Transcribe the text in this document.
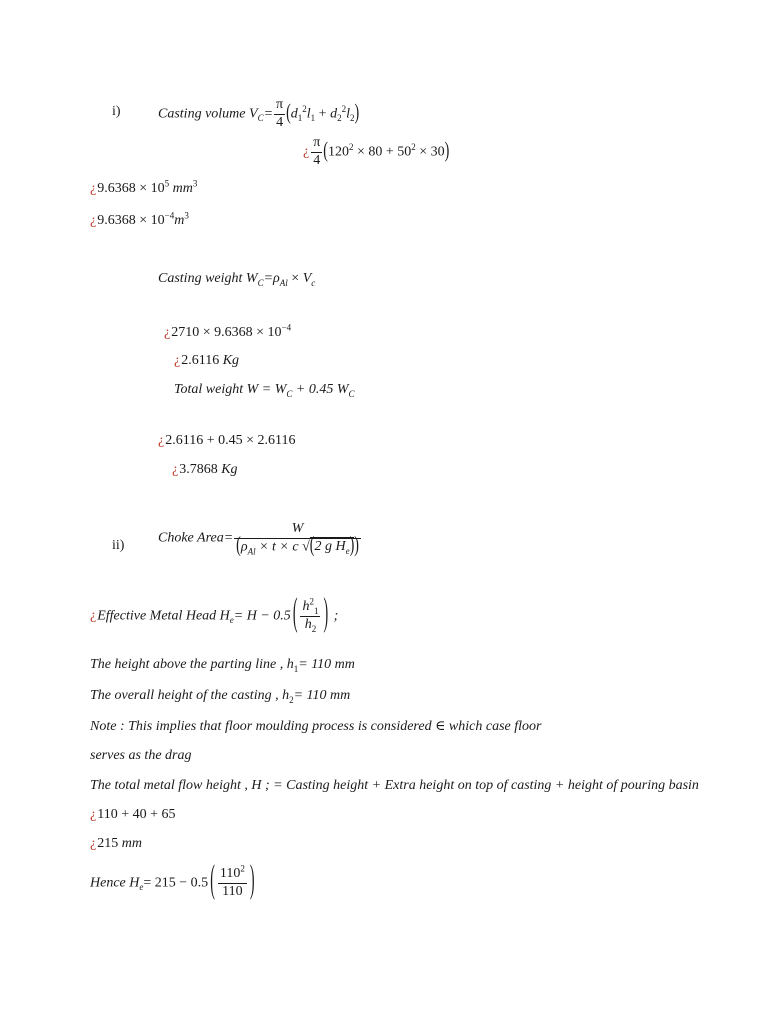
i)	Casting volume $V_C= \frac{\pi}{4} (d_1^2l_1 + d_2^2l_2)$
¿ $\frac{\pi}{4} (120^2 \times 80 + 50^2 \times 30)$
¿$9.6368 \times 10^5$ $mm^3$
¿$9.6368 \times 10^{-4}m^3$
Casting weight $W_C=\rho_{Al} \times V_c$
¿$2710 \times 9.6368 \times 10^{-4}$
¿2.6116 Kg
Total weight $W = W_C + 0.45$ $W_C$
¿2.6116 + 0.45 × 2.6116
¿3.7868 Kg
ii)
Choke Area= $\frac{W}{(\rho_{Al} \times t \times c √(2 g H_e))}$
¿Effective Metal Head $H_e= H - 0.5$ ( $\frac{h^2_1}{h_2}$ ) ;
The height above the parting line , $h_1= 110$ mm
The overall height of the casting , $h_2= 110$ mm
Note : This implies that floor moulding process is considered ∈ which case floor
serves as the drag
The total metal flow height , H ; = Casting height + Extra height on top of casting + height of pouring basin
¿110 + 40 + 65
¿215 mm
Hence $H_e= 215 - 0.5$ ( $\frac{110^2}{110}$ )
